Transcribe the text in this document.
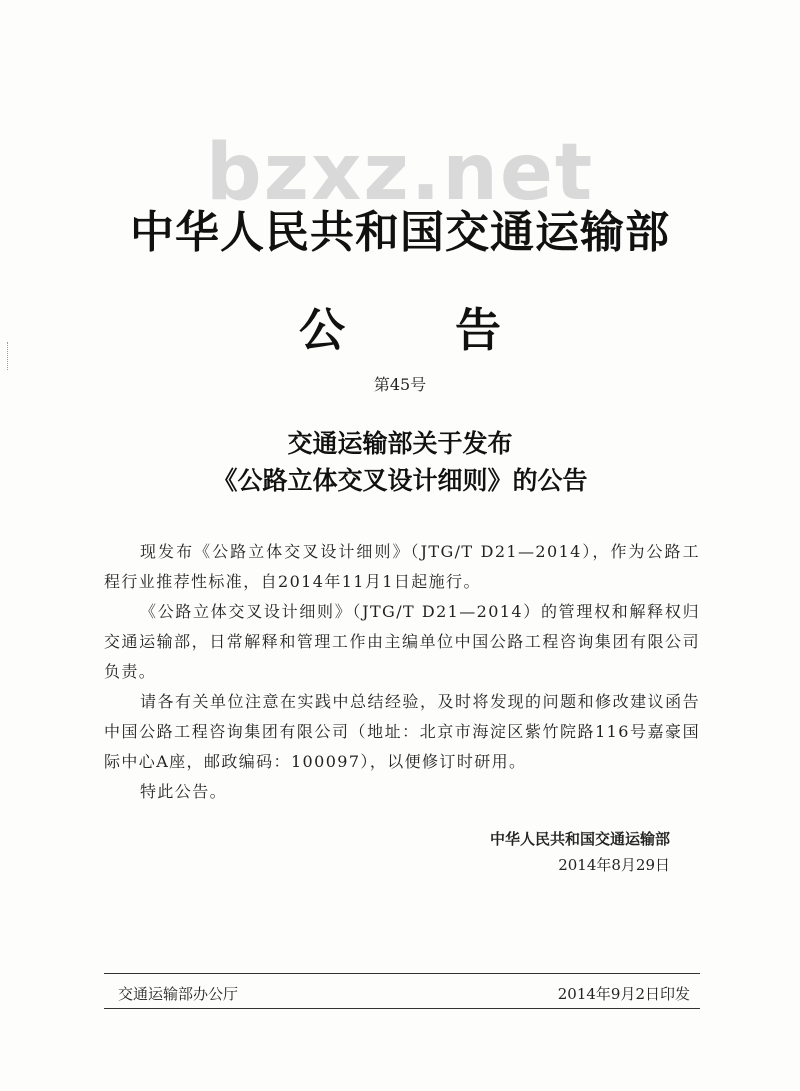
bzxz.net
中华人民共和国交通运输部
公告
第45号
交通运输部关于发布
《公路立体交叉设计细则》的公告

现发布《公路立体交叉设计细则》（JTG/T D21—2014），作为公路工程行业推荐性标准，自2014年11月1日起施行。

《公路立体交叉设计细则》（JTG/T D21—2014）的管理权和解释权归交通运输部，日常解释和管理工作由主编单位中国公路工程咨询集团有限公司负责。

请各有关单位注意在实践中总结经验，及时将发现的问题和修改建议函告中国公路工程咨询集团有限公司（地址：北京市海淀区紫竹院路116号嘉豪国际中心A座，邮政编码：100097），以便修订时研用。

特此公告。

中华人民共和国交通运输部
2014年8月29日
交通运输部办公厅	2014年9月2日印发
